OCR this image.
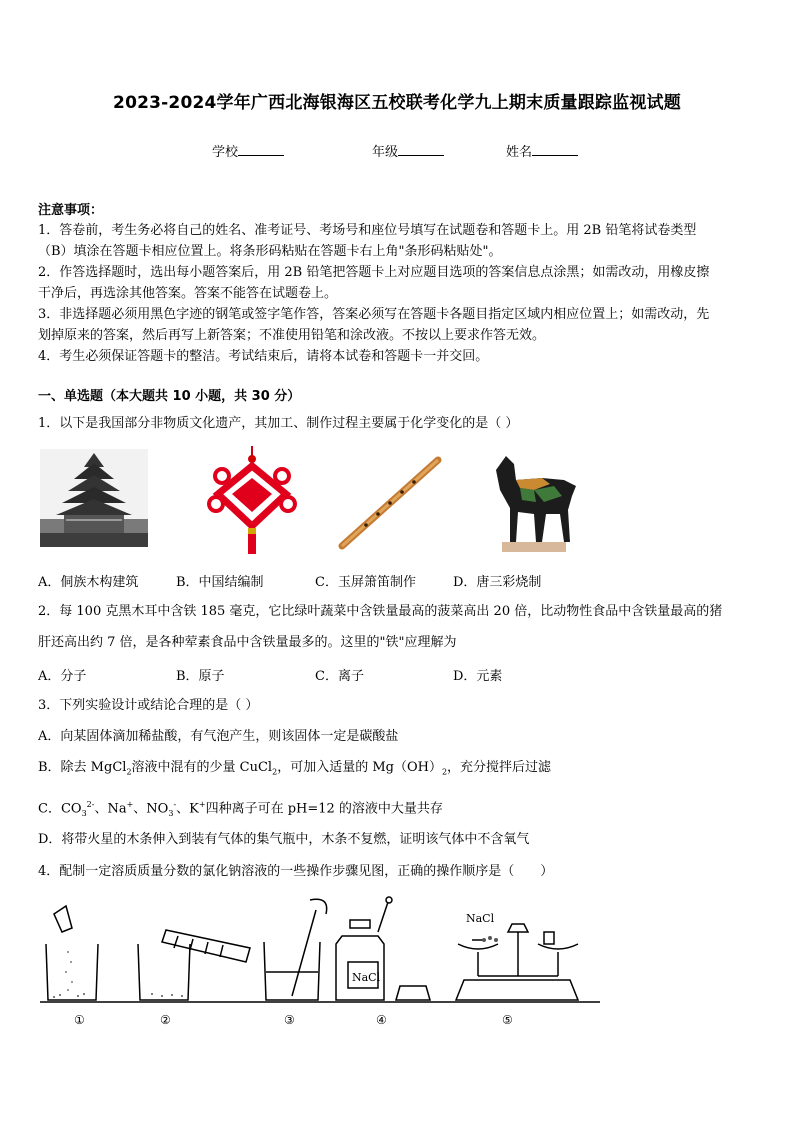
2023-2024学年广西北海银海区五校联考化学九上期末质量跟踪监视试题
学校	年级	姓名
注意事项：
1．答卷前，考生务必将自己的姓名、准考证号、考场号和座位号填写在试题卷和答题卡上。用 2B 铅笔将试卷类型
（B）填涂在答题卡相应位置上。将条形码粘贴在答题卡右上角"条形码粘贴处"。
2．作答选择题时，选出每小题答案后，用 2B 铅笔把答题卡上对应题目选项的答案信息点涂黑；如需改动，用橡皮擦
干净后，再选涂其他答案。答案不能答在试题卷上。
3．非选择题必须用黑色字迹的钢笔或签字笔作答，答案必须写在答题卡各题目指定区域内相应位置上；如需改动，先
划掉原来的答案，然后再写上新答案；不准使用铅笔和涂改液。不按以上要求作答无效。
4．考生必须保证答题卡的整洁。考试结束后，请将本试卷和答题卡一并交回。
一、单选题（本大题共 10 小题，共 30 分）
1．以下是我国部分非物质文化遗产，其加工、制作过程主要属于化学变化的是（ ）
A．侗族木构建筑	B．中国结编制	C．玉屏箫笛制作	D．唐三彩烧制
2．每 100 克黑木耳中含铁 185 毫克，它比绿叶蔬菜中含铁量最高的菠菜高出 20 倍，比动物性食品中含铁量最高的猪
肝还高出约 7 倍，是各种荤素食品中含铁量最多的。这里的"铁"应理解为
A．分子	B．原子	C．离子	D．元素
3．下列实验设计或结论合理的是（ ）
A．向某固体滴加稀盐酸，有气泡产生，则该固体一定是碳酸盐
B．除去 MgCl$_2$溶液中混有的少量 CuCl$_2$，可加入适量的 $Mg(OH)_2$，充分搅拌后过滤
C．$CO_3^{2-}$、Na+、$NO_3^-$、K+四种离子可在 pH=12 的溶液中大量共存
D．将带火星的木条伸入到装有气体的集气瓶中，木条不复燃，证明该气体中不含氧气
4．配制一定溶质质量分数的氯化钠溶液的一些操作步骤见图，正确的操作顺序是（　　）
NaCl
NaCl
①	②	③	④	⑤
